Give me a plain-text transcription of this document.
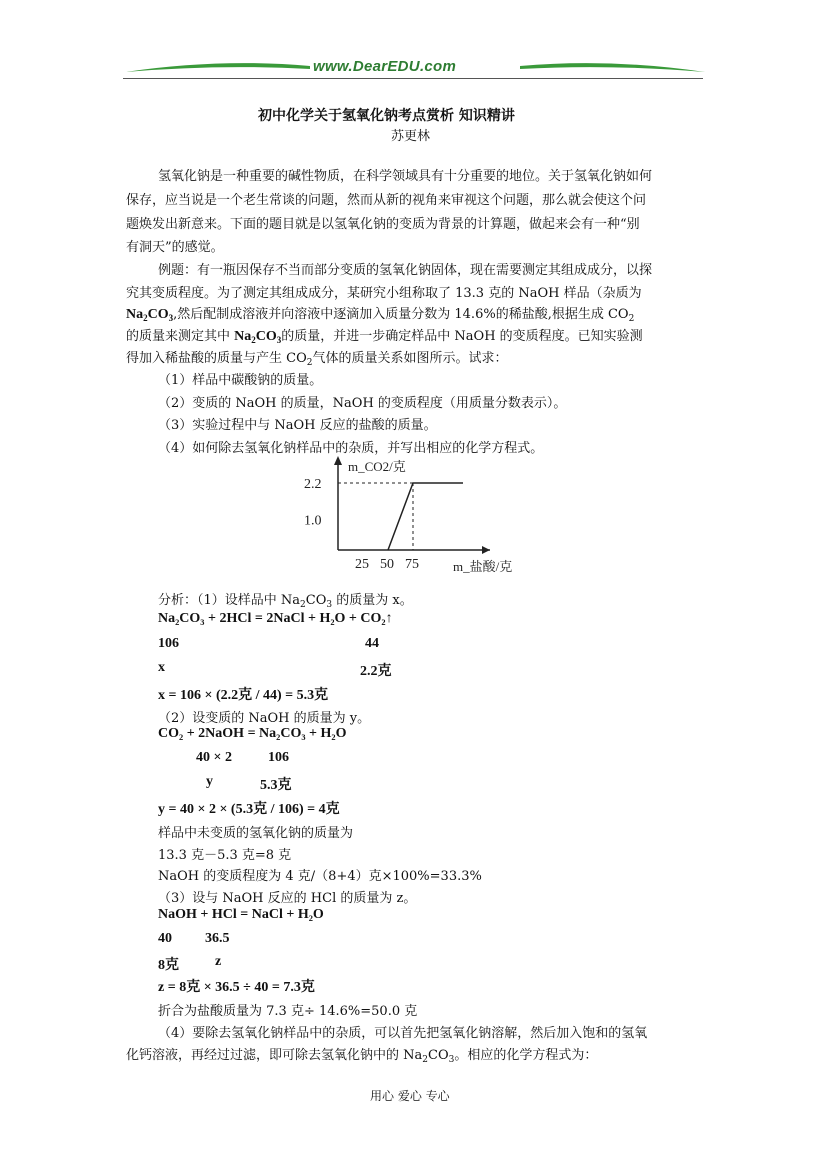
www.DearEDU.com
初中化学关于氢氧化钠考点赏析 知识精讲
苏更林
氢氧化钠是一种重要的碱性物质，在科学领域具有十分重要的地位。关于氢氧化钠如何
保存，应当说是一个老生常谈的问题，然而从新的视角来审视这个问题，那么就会使这个问
题焕发出新意来。下面的题目就是以氢氧化钠的变质为背景的计算题，做起来会有一种“别
有洞天”的感觉。
例题：有一瓶因保存不当而部分变质的氢氧化钠固体，现在需要测定其组成成分，以探
究其变质程度。为了测定其组成成分，某研究小组称取了 13.3 克的 NaOH 样品（杂质为
$Na_2CO_3$,然后配制成溶液并向溶液中逐滴加入质量分数为 14.6%的稀盐酸,根据生成 $CO_2$
的质量来测定其中 $Na_2CO_3$的质量，并进一步确定样品中 NaOH 的变质程度。已知实验测
得加入稀盐酸的质量与产生 $CO_2$气体的质量关系如图所示。试求：
（1）样品中碳酸钠的质量。
（2）变质的 NaOH 的质量，NaOH 的变质程度（用质量分数表示）。
（3）实验过程中与 NaOH 反应的盐酸的质量。
（4）如何除去氢氧化钠样品中的杂质，并写出相应的化学方程式。
m_CO2/克
m_盐酸/克
2.2
1.0
25 50 75
分析：（1）设样品中 $Na_2CO_3$ 的质量为 x。
Na₂CO₃ + 2HCl = 2NaCl + H₂O + CO₂↑
106	44
x	2.2克
x = 106 × (2.2克 / 44) = 5.3克
（2）设变质的 NaOH 的质量为 y。
CO₂ + 2NaOH = Na₂CO₃ + H₂O
40 × 2	106
y	5.3克
y = 40 × 2 × (5.3克 / 106) = 4克
样品中未变质的氢氧化钠的质量为
13.3 克－5.3 克=8 克
NaOH 的变质程度为 4 克/（8+4）克×100%=33.3%
（3）设与 NaOH 反应的 HCl 的质量为 z。
NaOH + HCl = NaCl + H₂O
40 36.5
8克	z
z = 8克 × 36.5 ÷ 40 = 7.3克
折合为盐酸质量为 7.3 克÷ 14.6%=50.0 克
（4）要除去氢氧化钠样品中的杂质，可以首先把氢氧化钠溶解，然后加入饱和的氢氧
化钙溶液，再经过过滤，即可除去氢氧化钠中的 $Na_2CO_3$。相应的化学方程式为：
用心 爱心 专心
